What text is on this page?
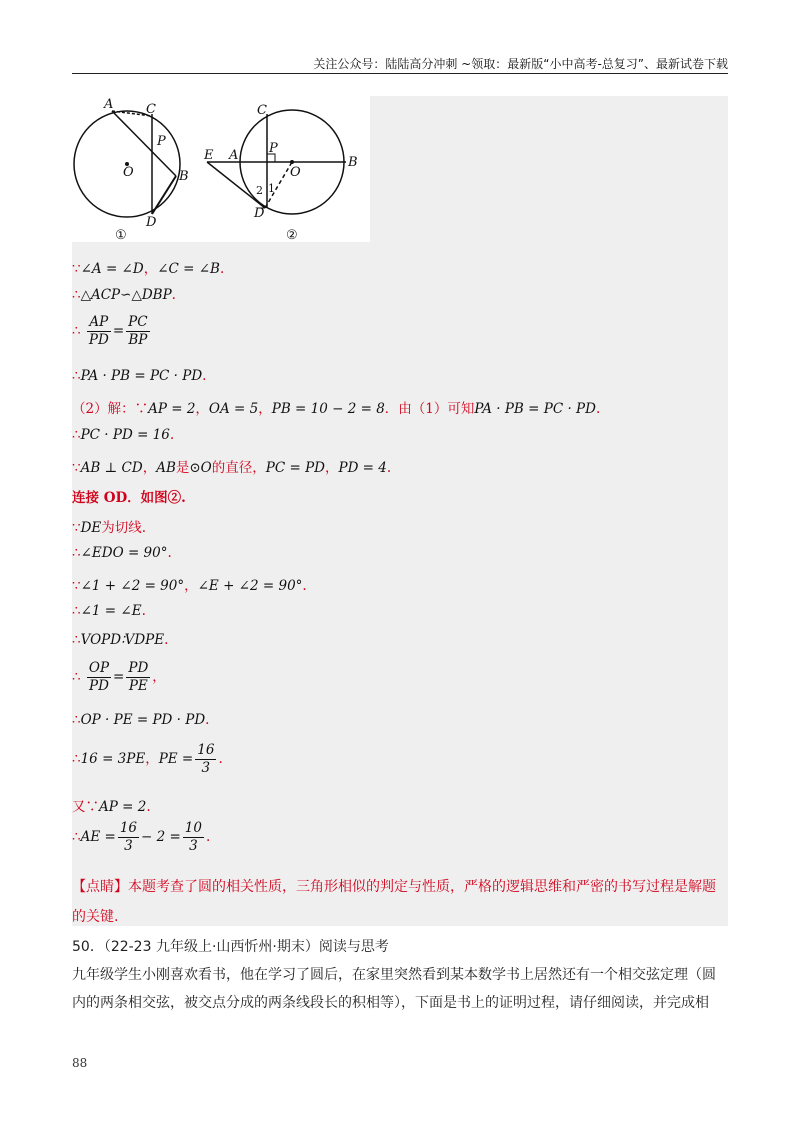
关注公众号：陆陆高分冲刺 ~领取：最新版“小中高考-总复习”、最新试卷下载
A	C
P
O	B
D
①
C
E A P
O
B
D
1
2
②
∵∠A = ∠D，∠C = ∠B.
∴△ACP∽△DBP.
∴ $\frac{AP}{PD} = \frac{PC}{BP}$
∴PA · PB = PC · PD.
（2）解：∵AP = 2，OA = 5，PB = 10 − 2 = 8．由（1）可知PA · PB = PC · PD.
∴PC · PD = 16.
∵AB ⊥ CD，AB是⊙O的直径，PC = PD，PD = 4.
连接 OD．如图②.
∵DE为切线.
∴∠EDO = 90°.
∵∠1 + ∠2 = 90°，∠E + ∠2 = 90°.
∴∠1 = ∠E.
∴VOPD∶VDPE.
∴ $\frac{OP}{PD} = \frac{PD}{PE}$ ，
∴OP · PE = PD · PD.
∴16 = 3PE，PE = $\frac{16}{3}$ .
又∵AP = 2.
∴AE = $\frac{16}{3} - 2 = \frac{10}{3}$ .
【点睛】本题考查了圆的相关性质，三角形相似的判定与性质，严格的逻辑思维和严密的书写过程是解题的关键.
50．（22-23 九年级上·山西忻州·期末）阅读与思考
九年级学生小刚喜欢看书，他在学习了圆后，在家里突然看到某本数学书上居然还有一个相交弦定理（圆内的两条相交弦，被交点分成的两条线段长的积相等），下面是书上的证明过程，请仔细阅读，并完成相
88
